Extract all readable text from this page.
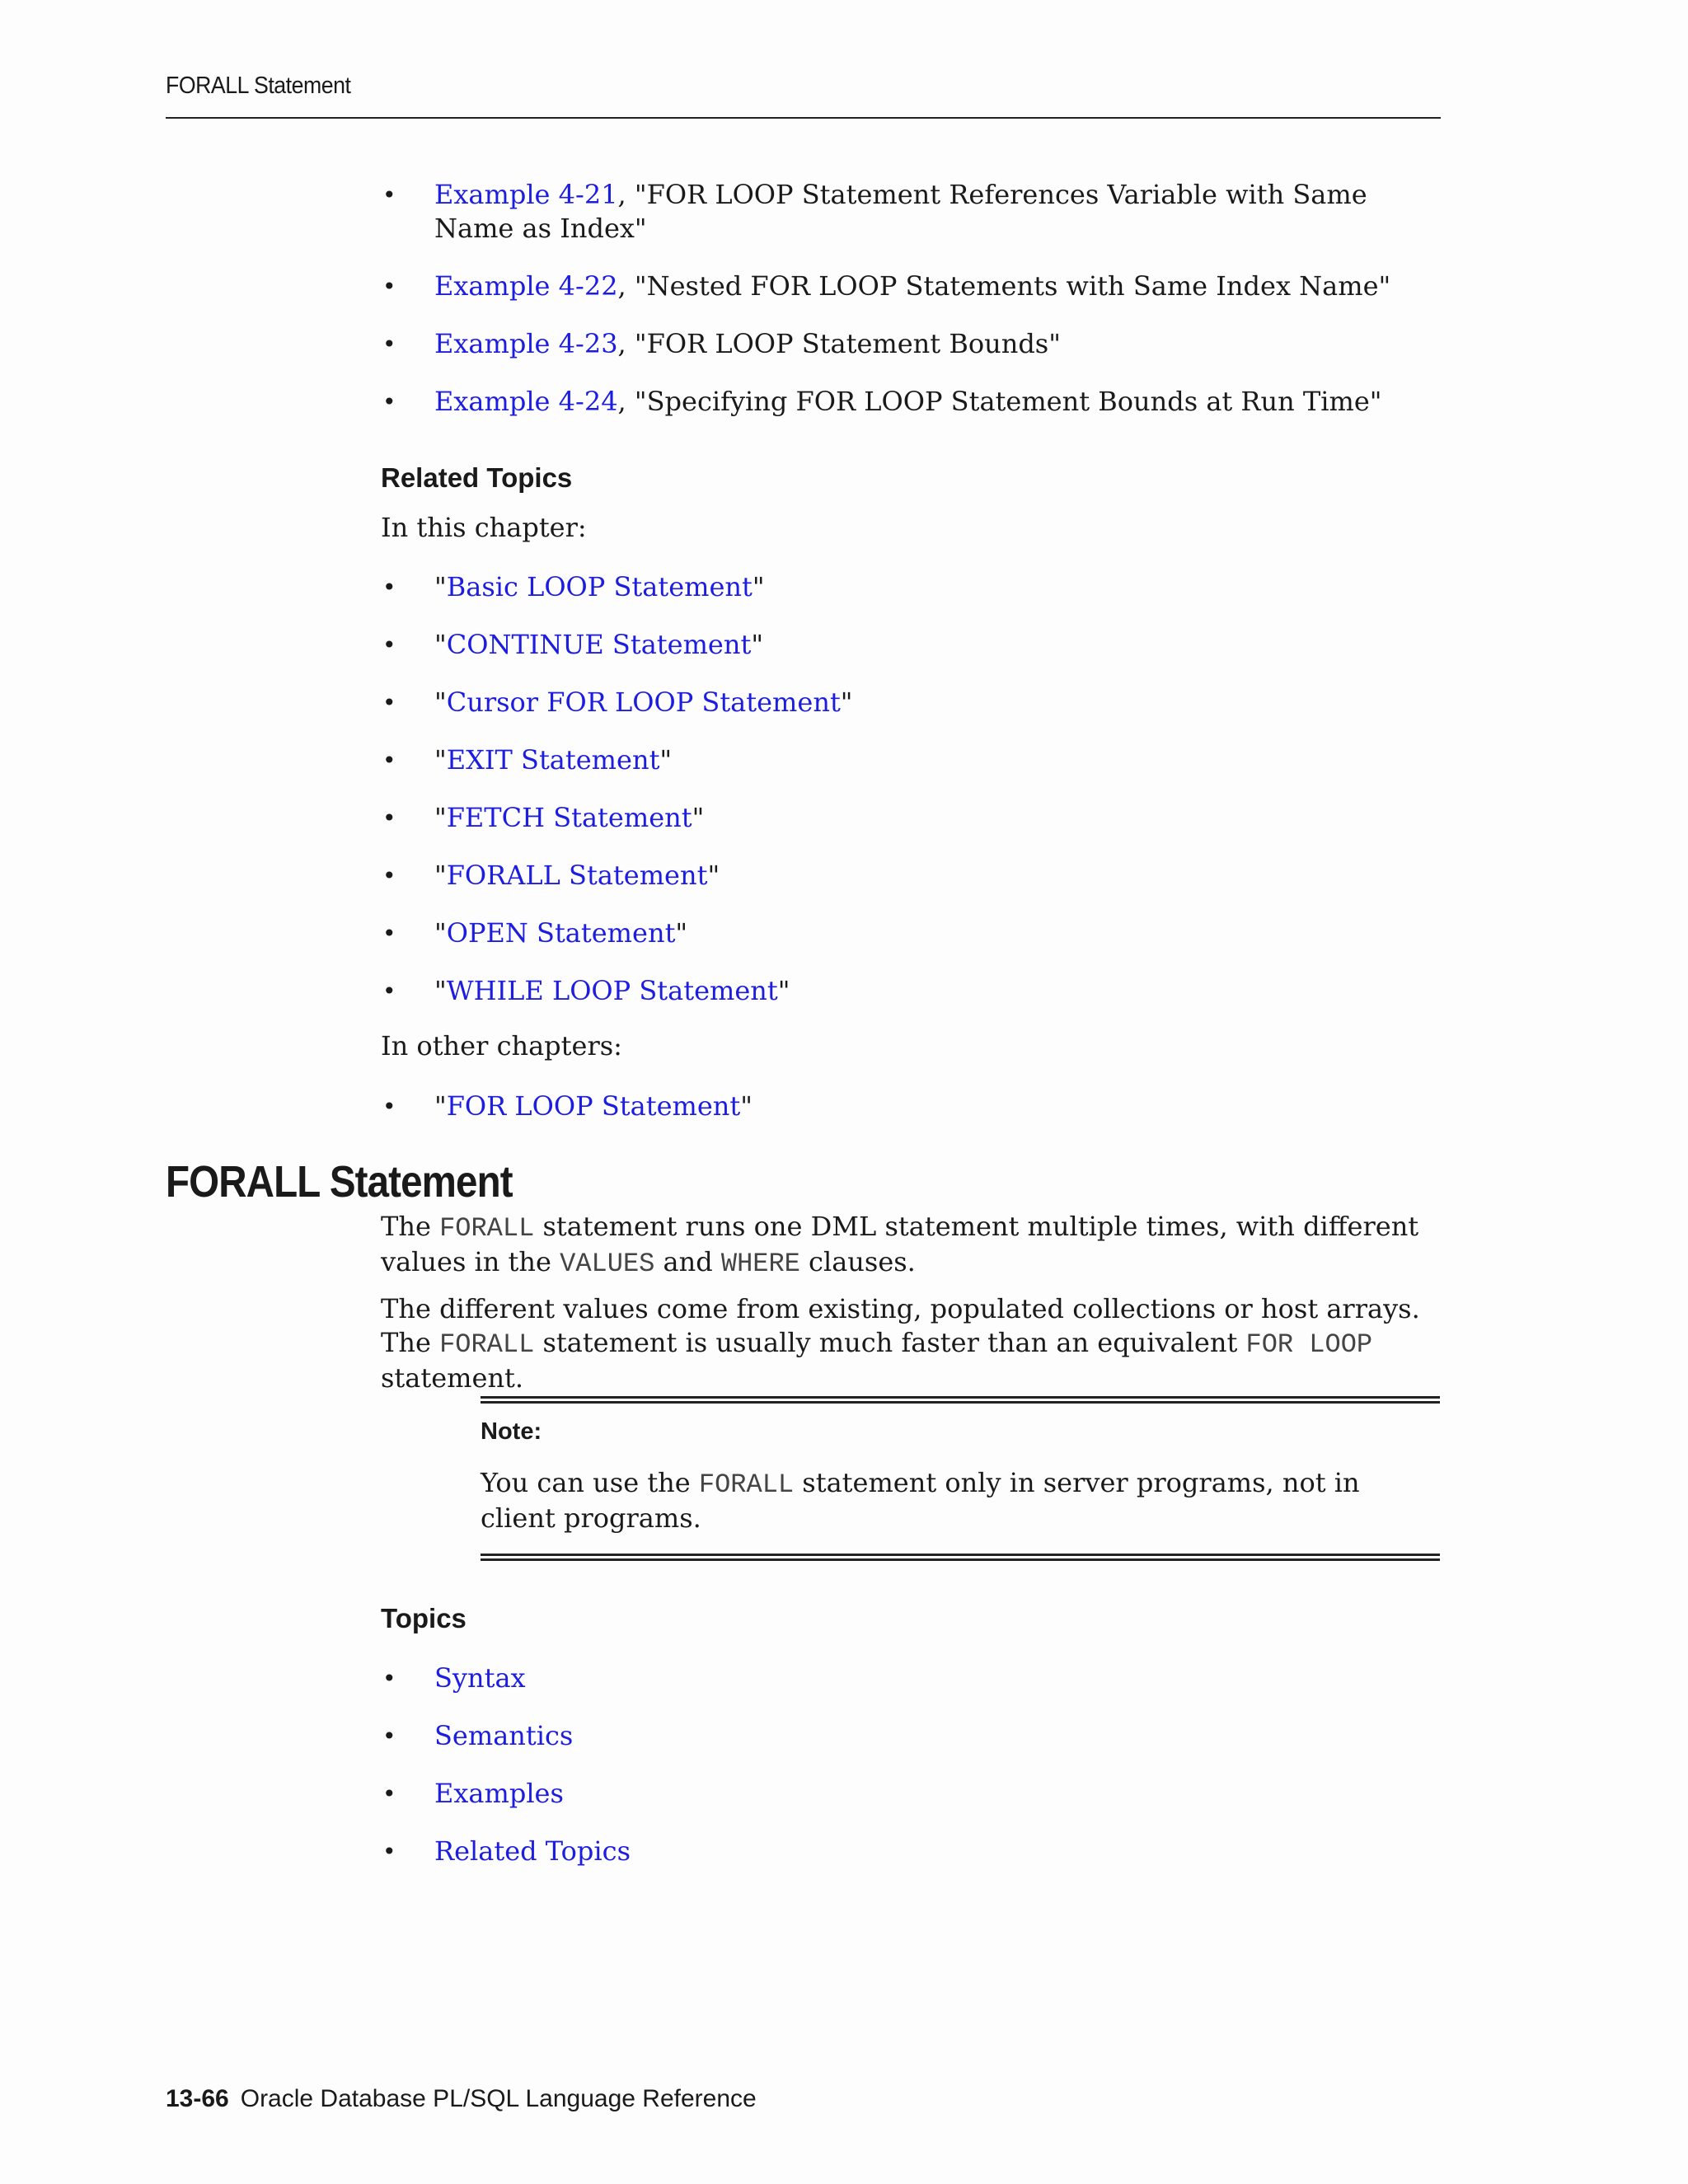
FORALL Statement
• Example 4-21, "FOR LOOP Statement References Variable with Same Name as Index"
• Example 4-22, "Nested FOR LOOP Statements with Same Index Name"
• Example 4-23, "FOR LOOP Statement Bounds"
• Example 4-24, "Specifying FOR LOOP Statement Bounds at Run Time"
Related Topics
In this chapter:
• "Basic LOOP Statement"
• "CONTINUE Statement"
• "Cursor FOR LOOP Statement"
• "EXIT Statement"
• "FETCH Statement"
• "FORALL Statement"
• "OPEN Statement"
• "WHILE LOOP Statement"
In other chapters:
• "FOR LOOP Statement"
FORALL Statement
The FORALL statement runs one DML statement multiple times, with different values in the VALUES and WHERE clauses.
The different values come from existing, populated collections or host arrays. The FORALL statement is usually much faster than an equivalent FOR LOOP statement.
Note:
You can use the FORALL statement only in server programs, not in client programs.
Topics
• Syntax
• Semantics
• Examples
• Related Topics
13-66 Oracle Database PL/SQL Language Reference
